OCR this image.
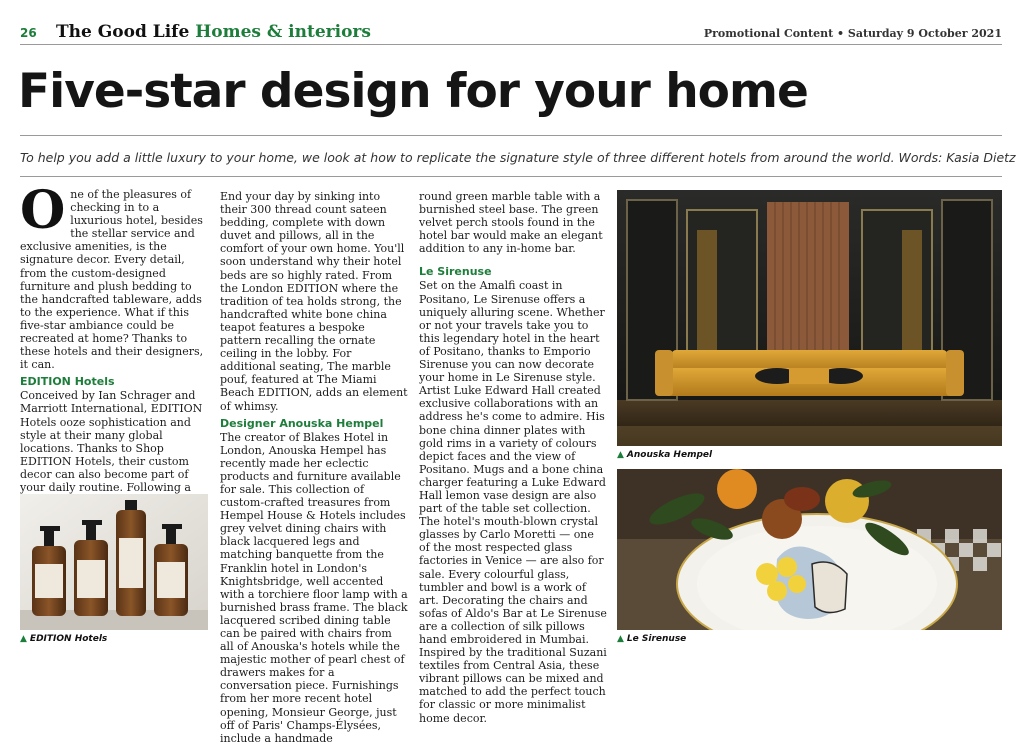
26 The Good Life Homes & interiors	Promotional Content • Saturday 9 October 2021
Five-star design for your home
To help you add a little luxury to your home, we look at how to replicate the signature style of three different hotels from around the world. Words: Kasia Dietz

One of the pleasures of checking in to a luxurious hotel, besides the stellar service and exclusive amenities, is the signature decor. Every detail, from the custom-designed furniture and plush bedding to the handcrafted tableware, adds to the experience. What if this five-star ambiance could be recreated at home? Thanks to these hotels and their designers, it can.

EDITION Hotels

Conceived by Ian Schrager and Marriott International, EDITION Hotels ooze sophistication and style at their many global locations. Thanks to Shop EDITION Hotels, their custom decor can also become part of your daily routine. Following a

▲ EDITION Hotels

End your day by sinking into their 300 thread count sateen bedding, complete with down duvet and pillows, all in the comfort of your own home. You'll soon understand why their hotel beds are so highly rated. From the London EDITION where the tradition of tea holds strong, the handcrafted white bone china teapot features a bespoke pattern recalling the ornate ceiling in the lobby. For additional seating, The marble pouf, featured at The Miami Beach EDITION, adds an element of whimsy.

Designer Anouska Hempel

The creator of Blakes Hotel in London, Anouska Hempel has recently made her eclectic products and furniture available for sale. This collection of custom-crafted treasures from Hempel House & Hotels includes grey velvet dining chairs with black lacquered legs and matching banquette from the Franklin hotel in London's Knightsbridge, well accented with a torchiere floor lamp with a burnished brass frame. The black lacquered scribed dining table can be paired with chairs from all of Anouska's hotels while the majestic mother of pearl chest of drawers makes for a conversation piece. Furnishings from her more recent hotel opening, Monsieur George, just off of Paris' Champs-Élysées, include a handmade

round green marble table with a burnished steel base. The green velvet perch stools found in the hotel bar would make an elegant addition to any in-home bar.

Le Sirenuse

Set on the Amalfi coast in Positano, Le Sirenuse offers a uniquely alluring scene. Whether or not your travels take you to this legendary hotel in the heart of Positano, thanks to Emporio Sirenuse you can now decorate your home in Le Sirenuse style. Artist Luke Edward Hall created exclusive collaborations with an address he's come to admire. His bone china dinner plates with gold rims in a variety of colours depict faces and the view of Positano. Mugs and a bone china charger featuring a Luke Edward Hall lemon vase design are also part of the table set collection. The hotel's mouth-blown crystal glasses by Carlo Moretti — one of the most respected glass factories in Venice — are also for sale. Every colourful glass, tumbler and bowl is a work of art. Decorating the chairs and sofas of Aldo's Bar at Le Sirenuse are a collection of silk pillows hand embroidered in Mumbai. Inspired by the traditional Suzani textiles from Central Asia, these vibrant pillows can be mixed and matched to add the perfect touch for classic or more minimalist home decor.

▲ Anouska Hempel
▲ Le Sirenuse
